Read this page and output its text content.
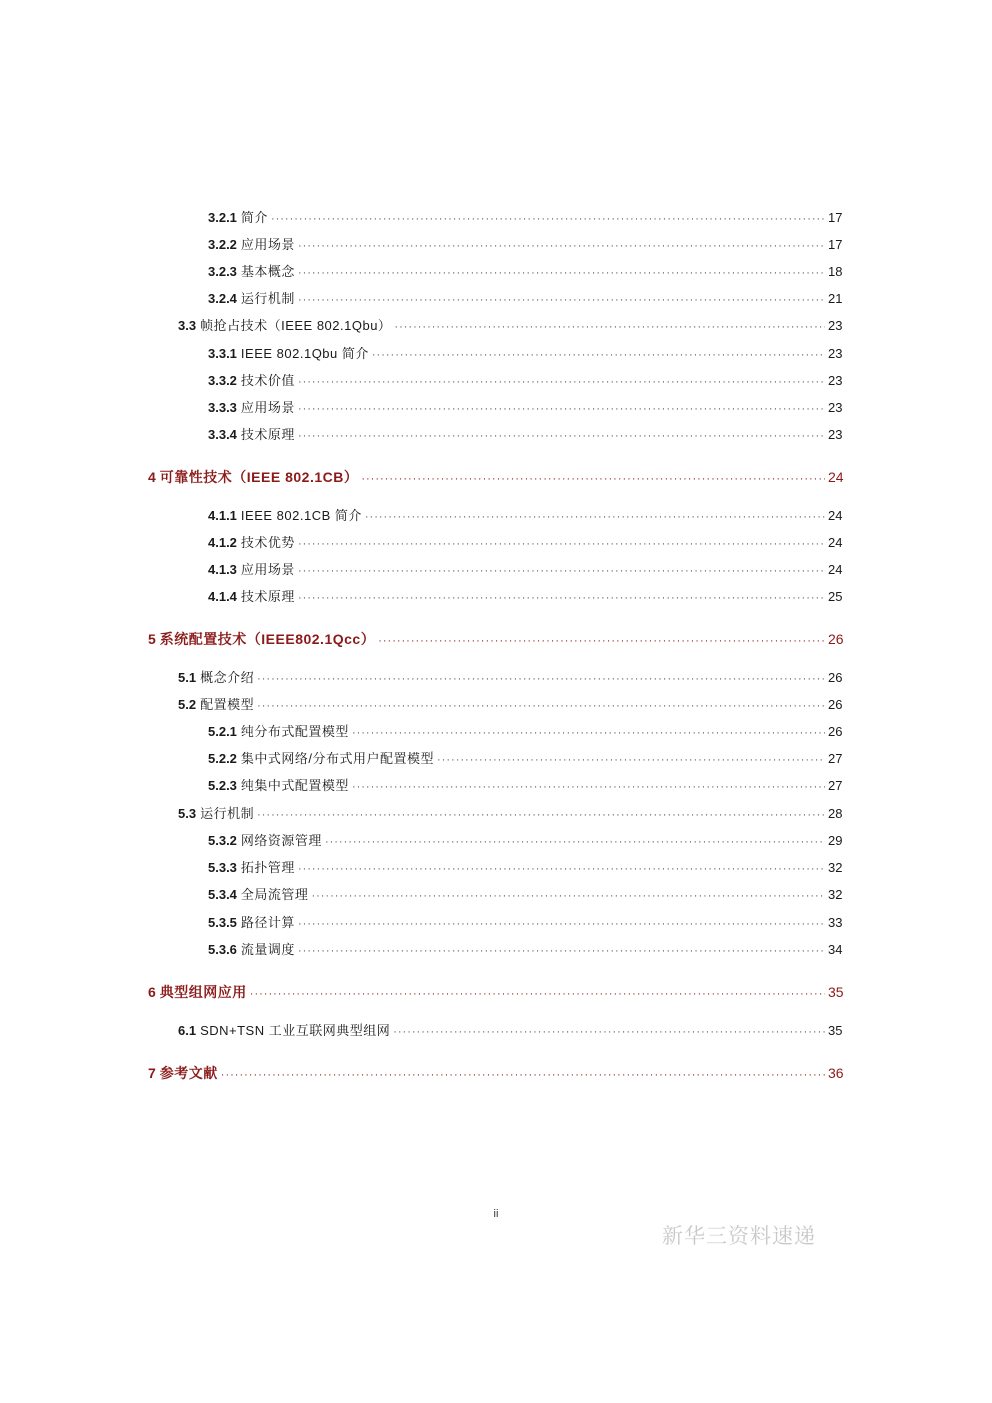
3.2.1 简介 ·····	17
3.2.2 应用场景 ·····	17
3.2.3 基本概念 ·····	18
3.2.4 运行机制 ·····	21
3.3 帧抢占技术（IEEE 802.1Qbu） ·····	23
3.3.1 IEEE 802.1Qbu 简介 ·····	23
3.3.2 技术价值 ·····	23
3.3.3 应用场景 ·····	23
3.3.4 技术原理 ·····	23
4 可靠性技术（IEEE 802.1CB） ·····	24
4.1.1 IEEE 802.1CB 简介 ·····	24
4.1.2 技术优势 ·····	24
4.1.3 应用场景 ·····	24
4.1.4 技术原理 ·····	25
5 系统配置技术（IEEE802.1Qcc） ·····	26
5.1 概念介绍 ·····	26
5.2 配置模型 ·····	26
5.2.1 纯分布式配置模型 ·····	26
5.2.2 集中式网络/分布式用户配置模型 ·····	27
5.2.3 纯集中式配置模型 ·····	27
5.3 运行机制 ·····	28
5.3.2 网络资源管理 ·····	29
5.3.3 拓扑管理 ·····	32
5.3.4 全局流管理 ·····	32
5.3.5 路径计算 ·····	33
5.3.6 流量调度 ·····	34
6 典型组网应用 ·····	35
6.1 SDN+TSN 工业互联网典型组网 ·····	35
7 参考文献 ·····	36
ii
新华三资料速递
